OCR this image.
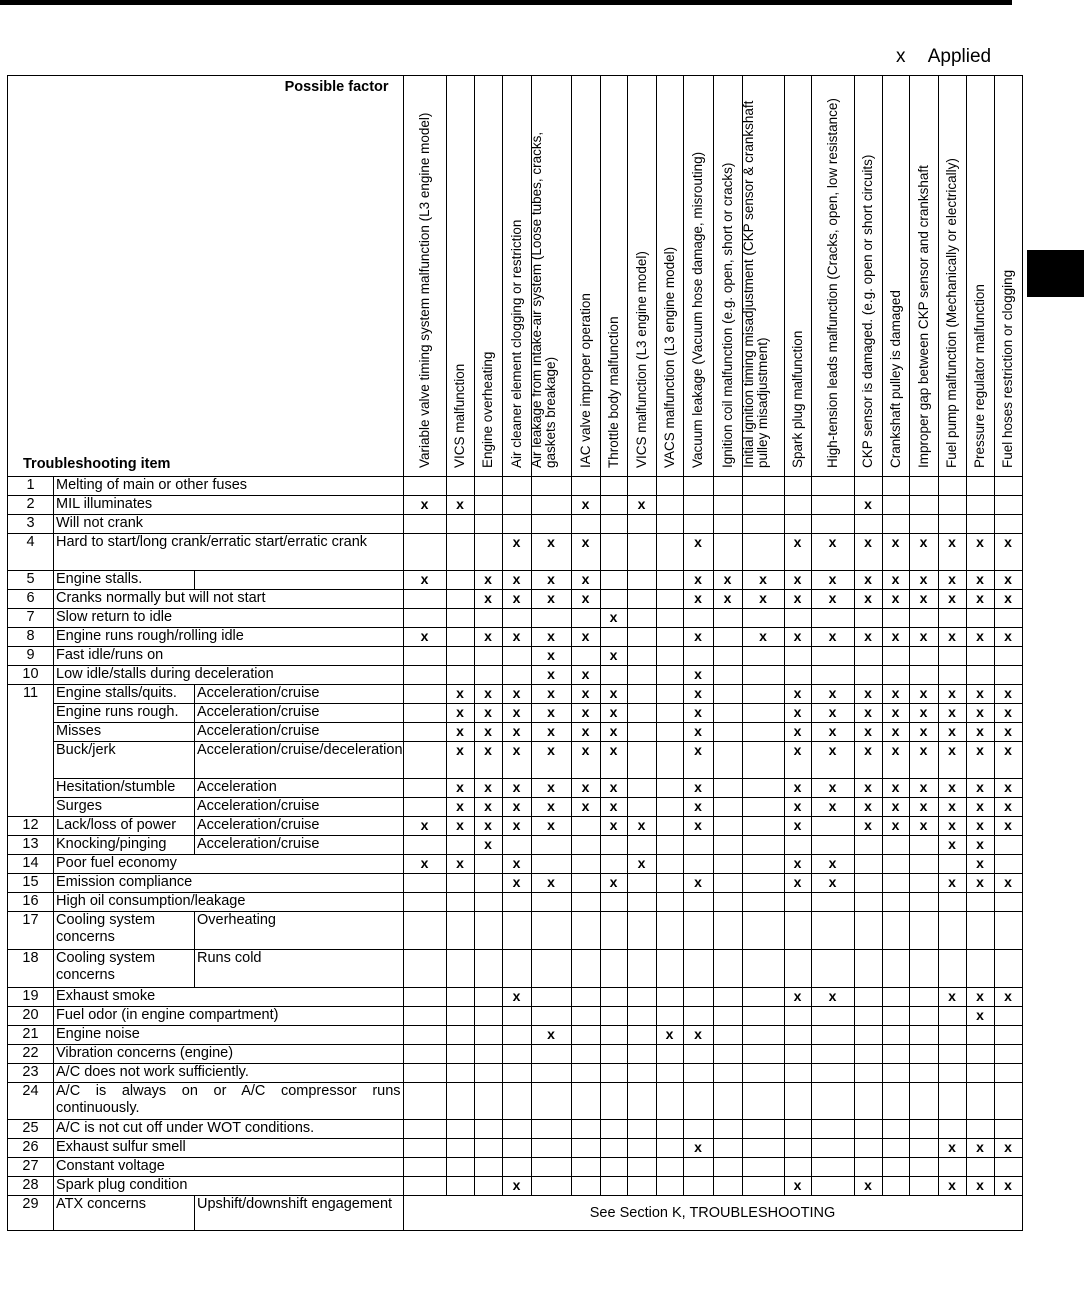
x Applied
Possible factor
Troubleshooting item			Variable valve timing system malfunction (L3 engine model)	VICS malfunction	Engine overheating	Air cleaner element clogging or restriction	Air leakage from intake-air system (Loose tubes, cracks, gaskets breakage)	IAC valve improper operation	Throttle body malfunction	VICS malfunction (L3 engine model)	VACS malfunction (L3 engine model)	Vacuum leakage (Vacuum hose damage, misrouting)	Ignition coil malfunction (e.g. open, short or cracks)	Initial ignition timing misadjustment (CKP sensor & crankshaft pulley misadjustment)	Spark plug malfunction	High-tension leads malfunction (Cracks, open, low resistance)	CKP sensor is damaged. (e.g. open or short circuits)	Crankshaft pulley is damaged	Improper gap between CKP sensor and crankshaft	Fuel pump malfunction (Mechanically or electrically)	Pressure regulator malfunction	Fuel hoses restriction or clogging

1	Melting of main or other fuses																					
2	MIL illuminates		x	x				x		x							x					
3	Will not crank																					
4	Hard to start/long crank/erratic start/erratic crank					x	x	x				x			x	x	x	x	x	x	x	x
5	Engine stalls.		x		x	x	x	x				x	x	x	x	x	x	x	x	x	x	x
6	Cranks normally but will not start				x	x	x	x				x	x	x	x	x	x	x	x	x	x	x
7	Slow return to idle								x													
8	Engine runs rough/rolling idle		x		x	x	x	x				x		x	x	x	x	x	x	x	x	x
9	Fast idle/runs on						x		x													
10	Low idle/stalls during deceleration						x	x				x										
11	Engine stalls/quits.	Acceleration/cruise		x	x	x	x	x	x			x			x	x	x	x	x	x	x	x
	Engine runs rough.	Acceleration/cruise		x	x	x	x	x	x			x			x	x	x	x	x	x	x	x
	Misses	Acceleration/cruise		x	x	x	x	x	x			x			x	x	x	x	x	x	x	x
	Buck/jerk	Acceleration/cruise/deceleration		x	x	x	x	x	x			x			x	x	x	x	x	x	x	x
	Hesitation/stumble	Acceleration		x	x	x	x	x	x			x			x	x	x	x	x	x	x	x
	Surges	Acceleration/cruise		x	x	x	x	x	x			x			x	x	x	x	x	x	x	x
12	Lack/loss of power	Acceleration/cruise	x	x	x	x	x		x	x		x			x		x	x	x	x	x	x
13	Knocking/pinging	Acceleration/cruise			x															x	x	
14	Poor fuel economy		x	x		x				x					x	x					x	
15	Emission compliance					x	x		x			x			x	x				x	x	x
16	High oil consumption/leakage																					
17	Cooling system concerns	Overheating																				
18	Cooling system concerns	Runs cold																				
19	Exhaust smoke					x									x	x				x	x	x
20	Fuel odor (in engine compartment)																				x	
21	Engine noise						x				x	x										
22	Vibration concerns (engine)																					
23	A/C does not work sufficiently.																					
24	A/C is always on or A/C compressor runs continuously.																					
25	A/C is not cut off under WOT conditions.																					
26	Exhaust sulfur smell											x								x	x	x
27	Constant voltage																					
28	Spark plug condition					x									x		x			x	x	x
29	ATX concerns	Upshift/downshift engagement	See Section K, TROUBLESHOOTING																			
